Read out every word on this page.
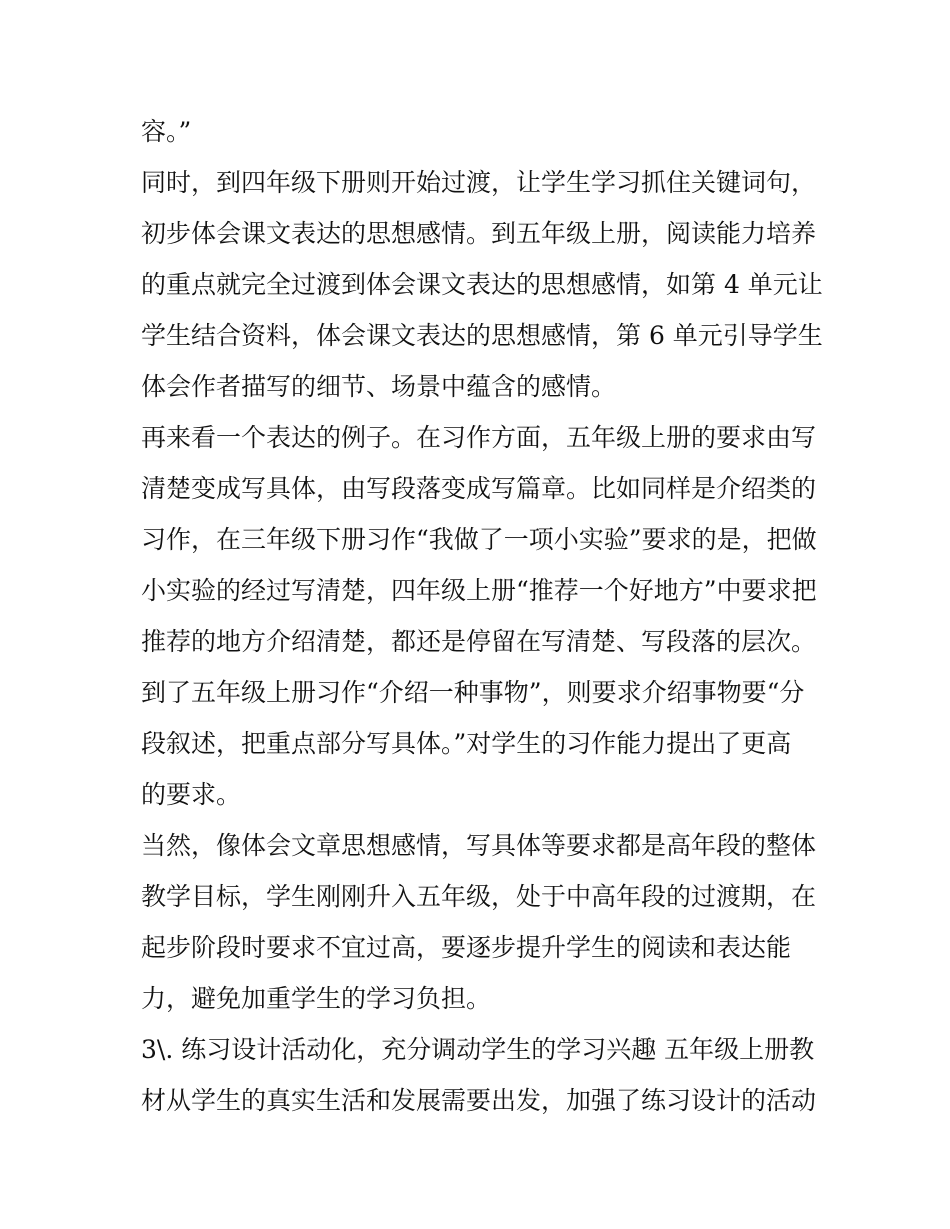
容。”
同时，到四年级下册则开始过渡，让学生学习抓住关键词句，
初步体会课文表达的思想感情。到五年级上册，阅读能力培养
的重点就完全过渡到体会课文表达的思想感情，如第 4 单元让
学生结合资料，体会课文表达的思想感情，第 6 单元引导学生
体会作者描写的细节、场景中蕴含的感情。
再来看一个表达的例子。在习作方面，五年级上册的要求由写
清楚变成写具体，由写段落变成写篇章。比如同样是介绍类的
习作，在三年级下册习作“我做了一项小实验”要求的是，把做
小实验的经过写清楚，四年级上册“推荐一个好地方”中要求把
推荐的地方介绍清楚，都还是停留在写清楚、写段落的层次。
到了五年级上册习作“介绍一种事物”，则要求介绍事物要“分
段叙述，把重点部分写具体。”对学生的习作能力提出了更高
的要求。
当然，像体会文章思想感情，写具体等要求都是高年段的整体
教学目标，学生刚刚升入五年级，处于中高年段的过渡期，在
起步阶段时要求不宜过高，要逐步提升学生的阅读和表达能
力，避免加重学生的学习负担。
3\. 练习设计活动化，充分调动学生的学习兴趣 五年级上册教
材从学生的真实生活和发展需要出发，加强了练习设计的活动
